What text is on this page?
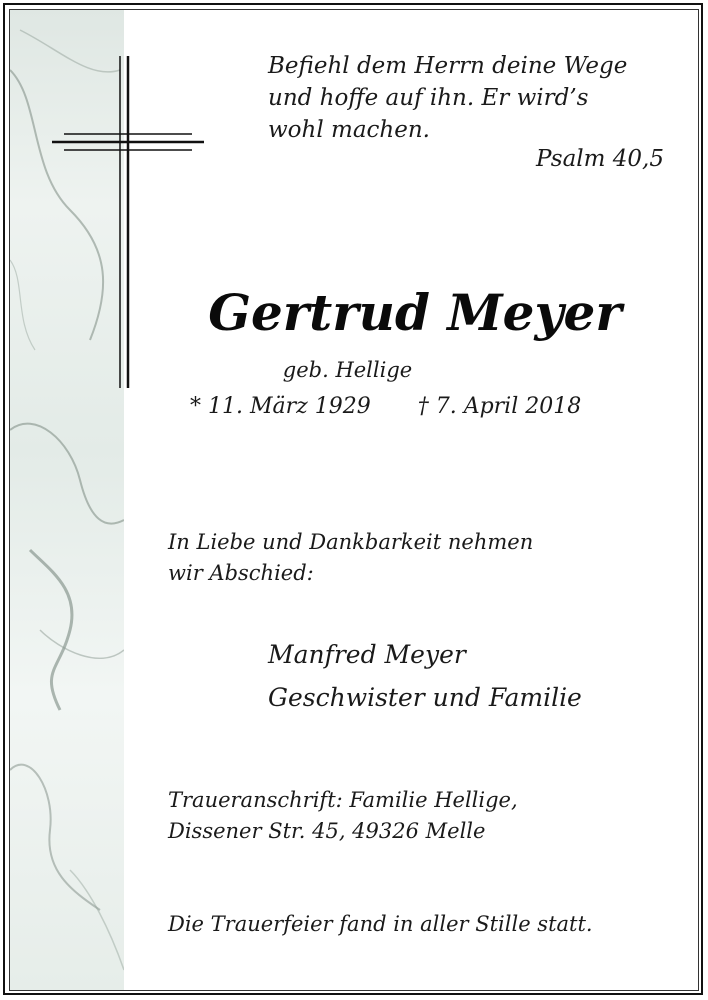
Befiehl dem Herrn deine Wege
und hoffe auf ihn. Er wird’s
wohl machen.
Psalm 40,5
Gertrud Meyer
geb. Hellige
* 11. März 1929 † 7. April 2018
In Liebe und Dankbarkeit nehmen
wir Abschied:
Manfred Meyer
Geschwister und Familie
Traueranschrift: Familie Hellige,
Dissener Str. 45, 49326 Melle
Die Trauerfeier fand in aller Stille statt.
